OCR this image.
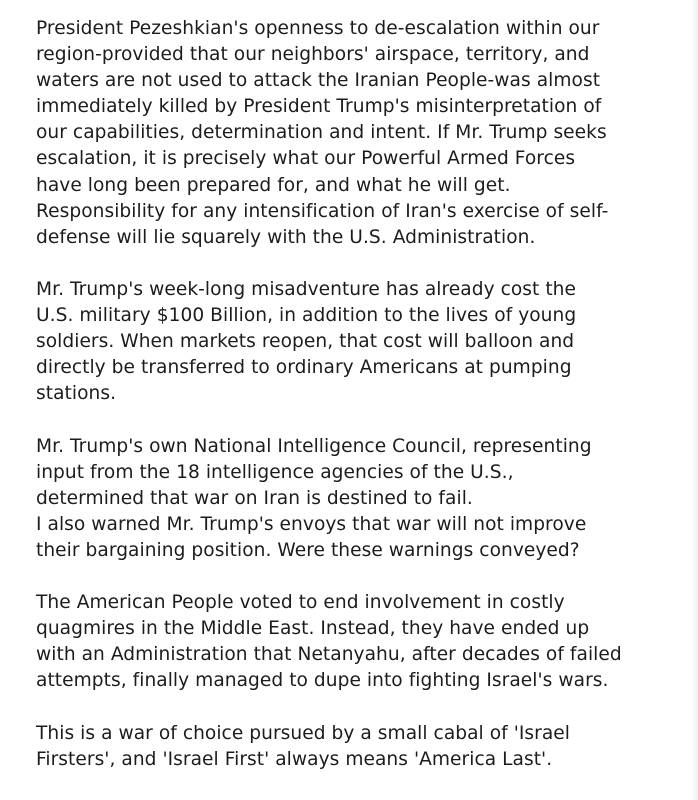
President Pezeshkian's openness to de-escalation within our
region-provided that our neighbors' airspace, territory, and
waters are not used to attack the Iranian People-was almost
immediately killed by President Trump's misinterpretation of
our capabilities, determination and intent. If Mr. Trump seeks
escalation, it is precisely what our Powerful Armed Forces
have long been prepared for, and what he will get.
Responsibility for any intensification of Iran's exercise of self-
defense will lie squarely with the U.S. Administration.

Mr. Trump's week-long misadventure has already cost the
U.S. military $100 Billion, in addition to the lives of young
soldiers. When markets reopen, that cost will balloon and
directly be transferred to ordinary Americans at pumping
stations.

Mr. Trump's own National Intelligence Council, representing
input from the 18 intelligence agencies of the U.S.,
determined that war on Iran is destined to fail.
I also warned Mr. Trump's envoys that war will not improve
their bargaining position. Were these warnings conveyed?

The American People voted to end involvement in costly
quagmires in the Middle East. Instead, they have ended up
with an Administration that Netanyahu, after decades of failed
attempts, finally managed to dupe into fighting Israel's wars.

This is a war of choice pursued by a small cabal of 'Israel
Firsters', and 'Israel First' always means 'America Last'.
